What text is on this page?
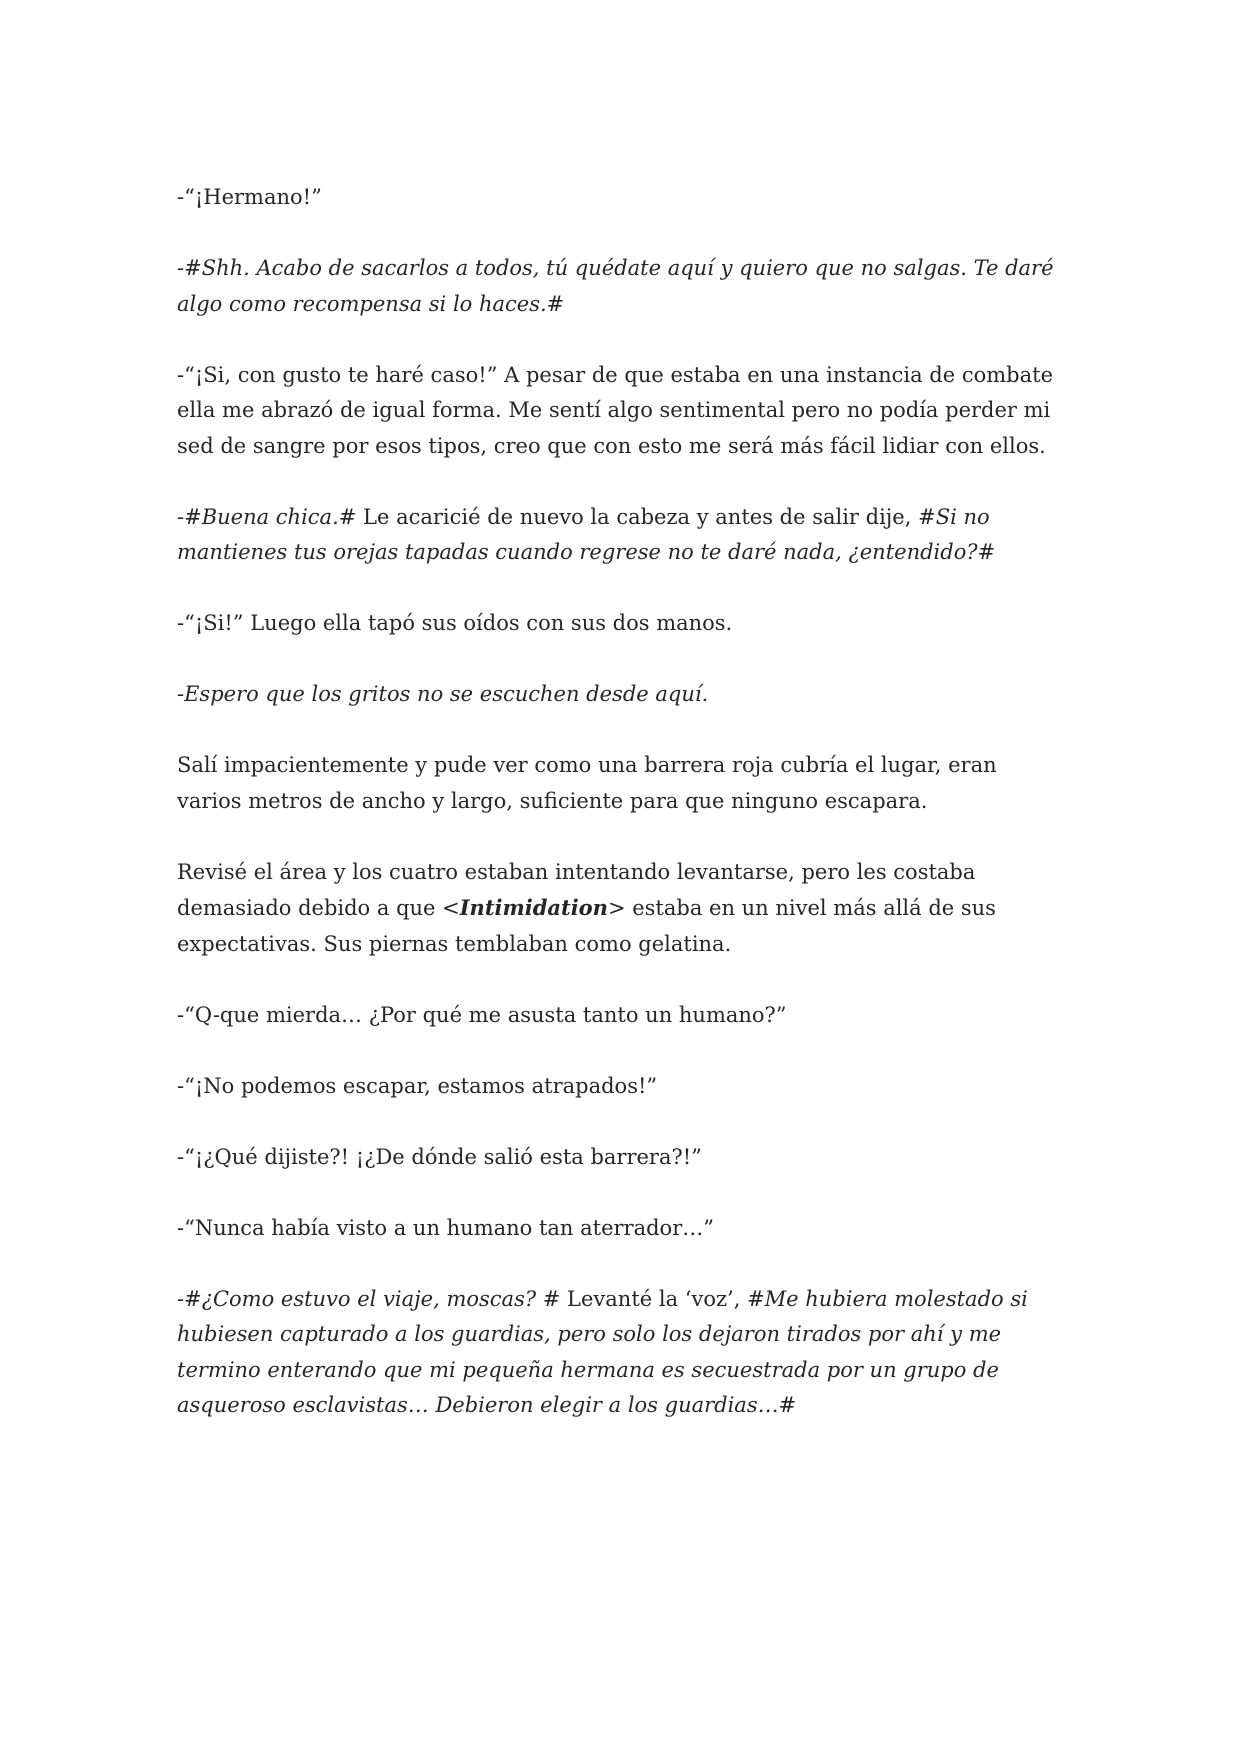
-“¡Hermano!”

-#Shh. Acabo de sacarlos a todos, tú quédate aquí y quiero que no salgas. Te daré algo como recompensa si lo haces.#

-“¡Si, con gusto te haré caso!” A pesar de que estaba en una instancia de combate ella me abrazó de igual forma. Me sentí algo sentimental pero no podía perder mi sed de sangre por esos tipos, creo que con esto me será más fácil lidiar con ellos.

-#Buena chica.# Le acaricié de nuevo la cabeza y antes de salir dije, #Si no mantienes tus orejas tapadas cuando regrese no te daré nada, ¿entendido?#

-“¡Si!” Luego ella tapó sus oídos con sus dos manos.

-Espero que los gritos no se escuchen desde aquí.

Salí impacientemente y pude ver como una barrera roja cubría el lugar, eran varios metros de ancho y largo, suficiente para que ninguno escapara.

Revisé el área y los cuatro estaban intentando levantarse, pero les costaba demasiado debido a que <Intimidation> estaba en un nivel más allá de sus expectativas. Sus piernas temblaban como gelatina.

-“Q-que mierda… ¿Por qué me asusta tanto un humano?”

-“¡No podemos escapar, estamos atrapados!”

-“¡¿Qué dijiste?! ¡¿De dónde salió esta barrera?!”

-“Nunca había visto a un humano tan aterrador…”

-#¿Como estuvo el viaje, moscas? # Levanté la ‘voz’, #Me hubiera molestado si hubiesen capturado a los guardias, pero solo los dejaron tirados por ahí y me termino enterando que mi pequeña hermana es secuestrada por un grupo de asqueroso esclavistas… Debieron elegir a los guardias…#
